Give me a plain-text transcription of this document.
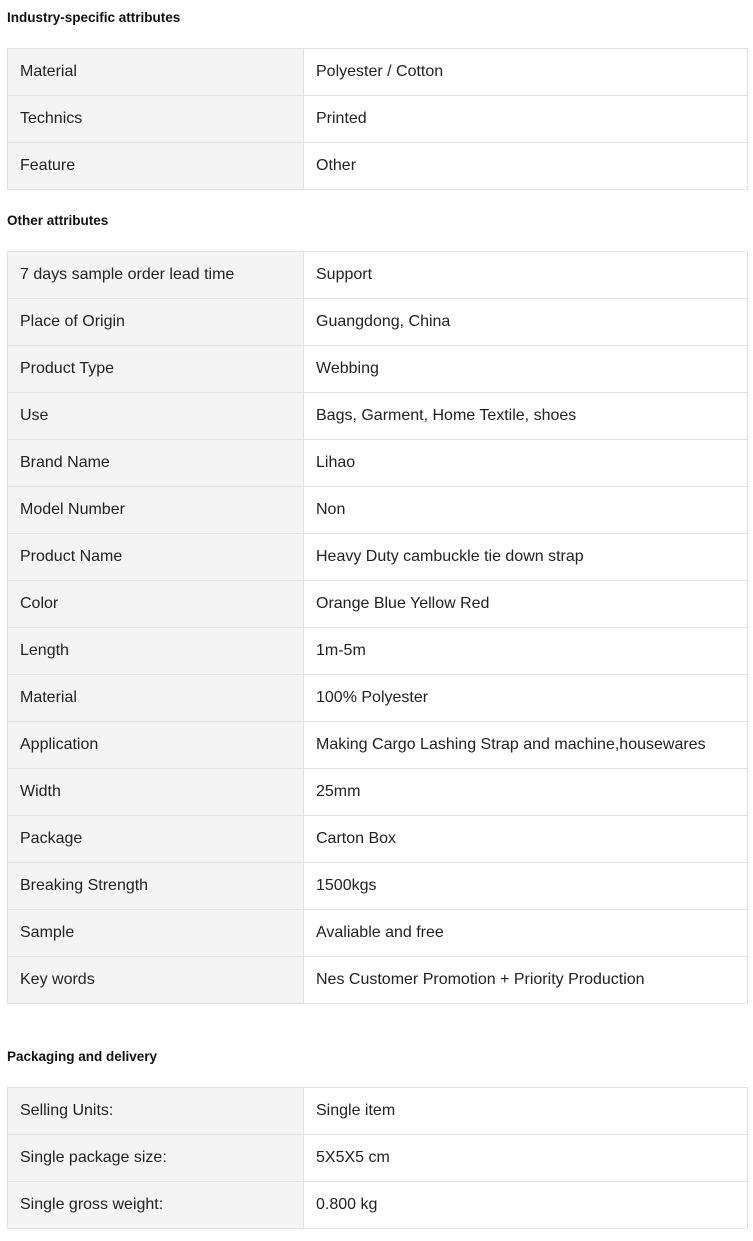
Industry-specific attributes
Material	Polyester / Cotton
Technics	Printed
Feature	Other
Other attributes
7 days sample order lead time	Support
Place of Origin	Guangdong, China
Product Type	Webbing
Use	Bags, Garment, Home Textile, shoes
Brand Name	Lihao
Model Number	Non
Product Name	Heavy Duty cambuckle tie down strap
Color	Orange Blue Yellow Red
Length	1m-5m
Material	100% Polyester
Application	Making Cargo Lashing Strap and machine,housewares
Width	25mm
Package	Carton Box
Breaking Strength	1500kgs
Sample	Avaliable and free
Key words	Nes Customer Promotion + Priority Production
Packaging and delivery
Selling Units:	Single item
Single package size:	5X5X5 cm
Single gross weight:	0.800 kg
